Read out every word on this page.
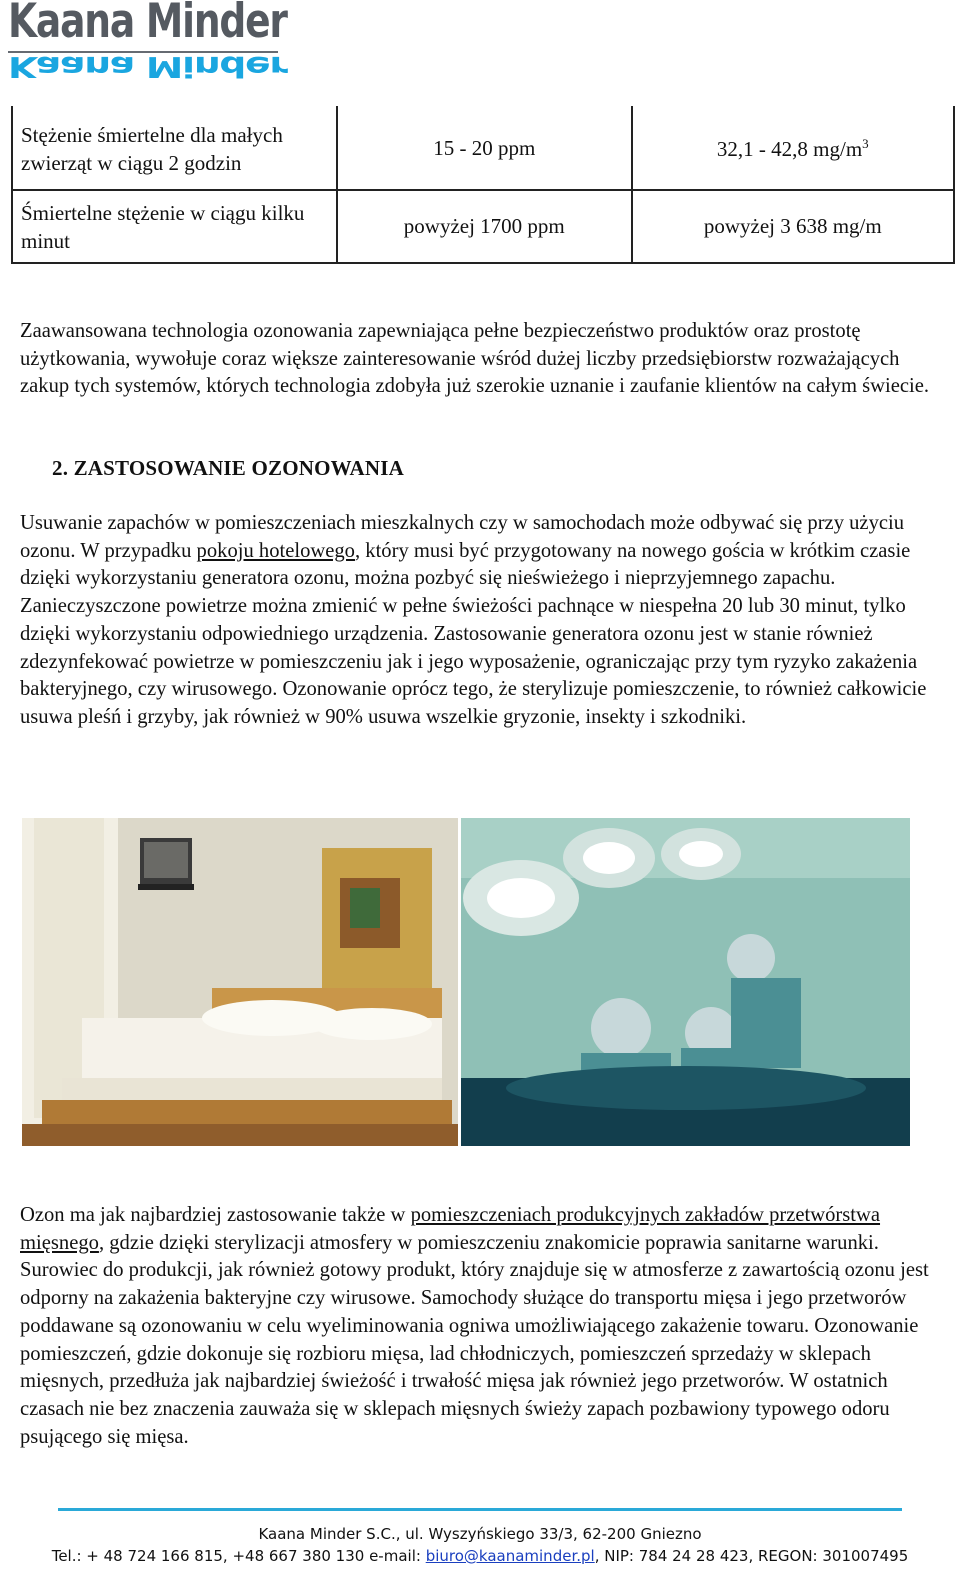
Kaana Minder
Kaana Minder
Stężenie śmiertelne dla małych zwierząt w ciągu 2 godzin	15 - 20 ppm	32,1 - 42,8 $mg/m^3$
Śmiertelne stężenie w ciągu kilku minut	powyżej 1700 ppm	powyżej 3 638 mg/m

Zaawansowana technologia ozonowania zapewniająca pełne bezpieczeństwo produktów oraz prostotę użytkowania, wywołuje coraz większe zainteresowanie wśród dużej liczby przedsiębiorstw rozważających zakup tych systemów, których technologia zdobyła już szerokie uznanie i zaufanie klientów na całym świecie.

2. ZASTOSOWANIE OZONOWANIA

Usuwanie zapachów w pomieszczeniach mieszkalnych czy w samochodach może odbywać się przy użyciu ozonu. W przypadku pokoju hotelowego, który musi być przygotowany na nowego gościa w krótkim czasie dzięki wykorzystaniu generatora ozonu, można pozbyć się nieświeżego i nieprzyjemnego zapachu. Zanieczyszczone powietrze można zmienić w pełne świeżości pachnące w niespełna 20 lub 30 minut, tylko dzięki wykorzystaniu odpowiedniego urządzenia. Zastosowanie generatora ozonu jest w stanie również zdezynfekować powietrze w pomieszczeniu jak i jego wyposażenie, ograniczając przy tym ryzyko zakażenia bakteryjnego, czy wirusowego. Ozonowanie oprócz tego, że sterylizuje pomieszczenie, to również całkowicie usuwa pleśń i grzyby, jak również w 90% usuwa wszelkie gryzonie, insekty i szkodniki.

Ozon ma jak najbardziej zastosowanie także w pomieszczeniach produkcyjnych zakładów przetwórstwa mięsnego, gdzie dzięki sterylizacji atmosfery w pomieszczeniu znakomicie poprawia sanitarne warunki. Surowiec do produkcji, jak również gotowy produkt, który znajduje się w atmosferze z zawartością ozonu jest odporny na zakażenia bakteryjne czy wirusowe. Samochody służące do transportu mięsa i jego przetworów poddawane są ozonowaniu w celu wyeliminowania ogniwa umożliwiającego zakażenie towaru. Ozonowanie pomieszczeń, gdzie dokonuje się rozbioru mięsa, lad chłodniczych, pomieszczeń sprzedaży w sklepach mięsnych, przedłuża jak najbardziej świeżość i trwałość mięsa jak również jego przetworów. W ostatnich czasach nie bez znaczenia zauważa się w sklepach mięsnych świeży zapach pozbawiony typowego odoru psującego się mięsa.

Kaana Minder S.C., ul. Wyszyńskiego 33/3, 62-200 Gniezno
Tel.: + 48 724 166 815, +48 667 380 130 e-mail: biuro@kaanaminder.pl, NIP: 784 24 28 423, REGON: 301007495
